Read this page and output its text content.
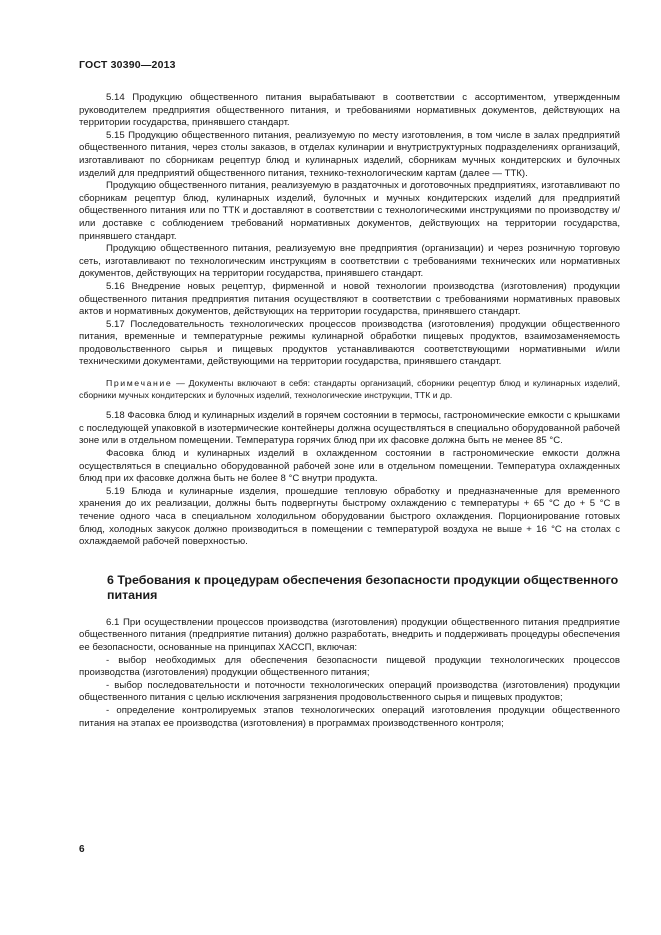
ГОСТ 30390—2013

5.14 Продукцию общественного питания вырабатывают в соответствии с ассортиментом, утвержденным руководителем предприятия общественного питания, и требованиями нормативных документов, действующих на территории государства, принявшего стандарт.

5.15 Продукцию общественного питания, реализуемую по месту изготовления, в том числе в залах предприятий общественного питания, через столы заказов, в отделах кулинарии и внутриструктурных подразделениях организаций, изготавливают по сборникам рецептур блюд и кулинарных изделий, сборникам мучных кондитерских и булочных изделий для предприятий общественного питания, технико-технологическим картам (далее — ТТК).

Продукцию общественного питания, реализуемую в раздаточных и доготовочных предприятиях, изготавливают по сборникам рецептур блюд, кулинарных изделий, булочных и мучных кондитерских изделий для предприятий общественного питания или по ТТК и доставляют в соответствии с технологическими инструкциями по производству и/или доставке с соблюдением требований нормативных документов, действующих на территории государства, принявшего стандарт.

Продукцию общественного питания, реализуемую вне предприятия (организации) и через розничную торговую сеть, изготавливают по технологическим инструкциям в соответствии с требованиями технических или нормативных документов, действующих на территории государства, принявшего стандарт.

5.16 Внедрение новых рецептур, фирменной и новой технологии производства (изготовления) продукции общественного питания предприятия питания осуществляют в соответствии с требованиями нормативных правовых актов и нормативных документов, действующих на территории государства, принявшего стандарт.

5.17 Последовательность технологических процессов производства (изготовления) продукции общественного питания, временные и температурные режимы кулинарной обработки пищевых продуктов, взаимозаменяемость продовольственного сырья и пищевых продуктов устанавливаются соответствующими нормативными и/или техническими документами, действующими на территории государства, принявшего стандарт.

Примечание — Документы включают в себя: стандарты организаций, сборники рецептур блюд и кулинарных изделий, сборники мучных кондитерских и булочных изделий, технологические инструкции, ТТК и др.

5.18 Фасовка блюд и кулинарных изделий в горячем состоянии в термосы, гастрономические емкости с крышками с последующей упаковкой в изотермические контейнеры должна осуществляться в специально оборудованной рабочей зоне или в отдельном помещении. Температура горячих блюд при их фасовке должна быть не менее 85 °С.

Фасовка блюд и кулинарных изделий в охлажденном состоянии в гастрономические емкости должна осуществляться в специально оборудованной рабочей зоне или в отдельном помещении. Температура охлажденных блюд при их фасовке должна быть не более 8 °С внутри продукта.

5.19 Блюда и кулинарные изделия, прошедшие тепловую обработку и предназначенные для временного хранения до их реализации, должны быть подвергнуты быстрому охлаждению с температуры + 65 °С до + 5 °С в течение одного часа в специальном холодильном оборудовании быстрого охлаждения. Порционирование готовых блюд, холодных закусок должно производиться в помещении с температурой воздуха не выше + 16 °С на столах с охлаждаемой рабочей поверхностью.

6 Требования к процедурам обеспечения безопасности продукции общественного питания

6.1 При осуществлении процессов производства (изготовления) продукции общественного питания предприятие общественного питания (предприятие питания) должно разработать, внедрить и поддерживать процедуры обеспечения ее безопасности, основанные на принципах ХАССП, включая:

- выбор необходимых для обеспечения безопасности пищевой продукции технологических процессов производства (изготовления) продукции общественного питания;

- выбор последовательности и поточности технологических операций производства (изготовления) продукции общественного питания с целью исключения загрязнения продовольственного сырья и пищевых продуктов;

- определение контролируемых этапов технологических операций изготовления продукции общественного питания на этапах ее производства (изготовления) в программах производственного контроля;

6
